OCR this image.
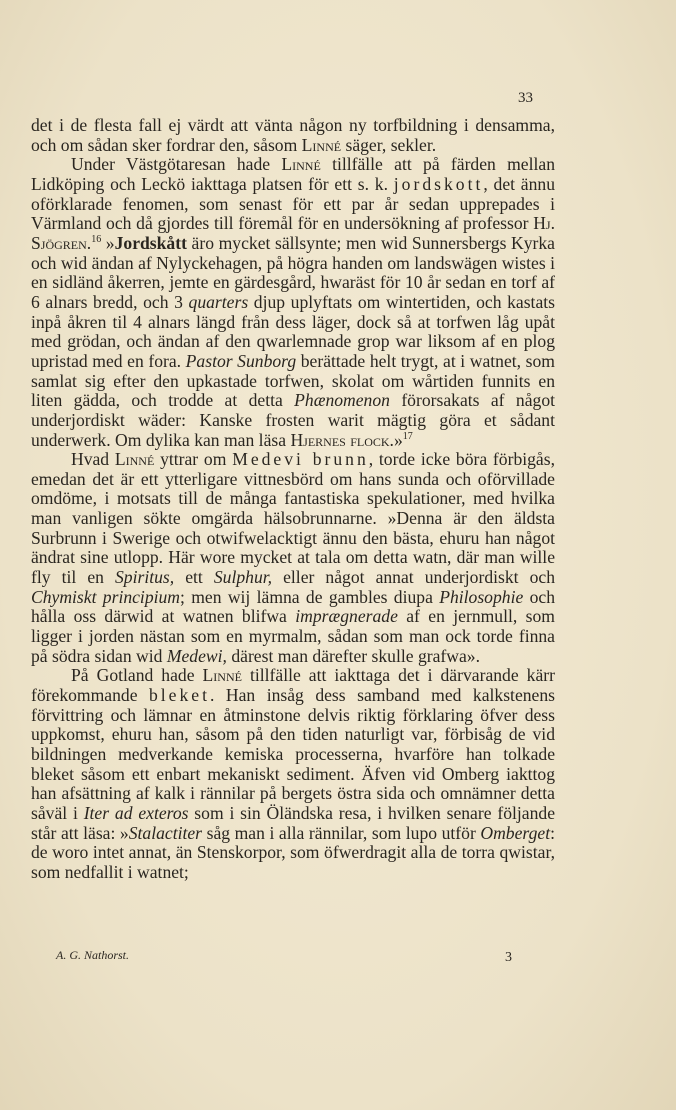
33

det i de flesta fall ej värdt att vänta någon ny torfbildning i densamma, och om sådan sker fordrar den, såsom Linné säger, sekler.

Under Västgötaresan hade Linné tillfälle att på färden mellan Lidköping och Leckö iakttaga platsen för ett s. k. jordskott, det ännu oförklarade fenomen, som senast för ett par år sedan upprepades i Värmland och då gjordes till föremål för en undersökning af professor Hj. Sjögren.$^{16}$ »Jordskått äro mycket sällsynte; men wid Sunnersbergs Kyrka och wid ändan af Nylyckehagen, på högra handen om landswägen wistes i en sidländ åkerren, jemte en gärdesgård, hwaräst för 10 år sedan en torf af 6 alnars bredd, och 3 quarters djup uplyftats om wintertiden, och kastats inpå åkren til 4 alnars längd från dess läger, dock så at torfwen låg upåt med grödan, och ändan af den qwarlemnade grop war liksom af en plog upristad med en fora. Pastor Sunborg berättade helt trygt, at i watnet, som samlat sig efter den upkastade torfwen, skolat om wårtiden funnits en liten gädda, och trodde at detta Phænomenon förorsakats af något underjordiskt wäder: Kanske frosten warit mägtig göra et sådant underwerk. Om dylika kan man läsa Hjernes flock.»$^{17}$

Hvad Linné yttrar om Medevi brunn, torde icke böra förbigås, emedan det är ett ytterligare vittnesbörd om hans sunda och oförvillade omdöme, i motsats till de många fantastiska spekulationer, med hvilka man vanligen sökte omgärda hälsobrunnarne. »Denna är den äldsta Surbrunn i Swerige och otwifwelacktigt ännu den bästa, ehuru han något ändrat sine utlopp. Här wore mycket at tala om detta watn, där man wille fly til en Spiritus, ett Sulphur, eller något annat underjordiskt och Chymiskt principium; men wij lämna de gambles diupa Philosophie och hålla oss därwid at watnen blifwa imprægnerade af en jernmull, som ligger i jorden nästan som en myrmalm, sådan som man ock torde finna på södra sidan wid Medewi, därest man därefter skulle grafwa».

På Gotland hade Linné tillfälle att iakttaga det i därvarande kärr förekommande bleket. Han insåg dess samband med kalkstenens förvittring och lämnar en åtminstone delvis riktig förklaring öfver dess uppkomst, ehuru han, såsom på den tiden naturligt var, förbisåg de vid bildningen medverkande kemiska processerna, hvarföre han tolkade bleket såsom ett enbart mekaniskt sediment. Äfven vid Omberg iakttog han afsättning af kalk i rännilar på bergets östra sida och omnämner detta såväl i Iter ad exteros som i sin Öländska resa, i hvilken senare följande står att läsa: »Stalactiter såg man i alla rännilar, som lupo utför Omberget: de woro intet annat, än Stenskorpor, som öfwerdragit alla de torra qwistar, som nedfallit i watnet;

A. G. Nathorst.	3
